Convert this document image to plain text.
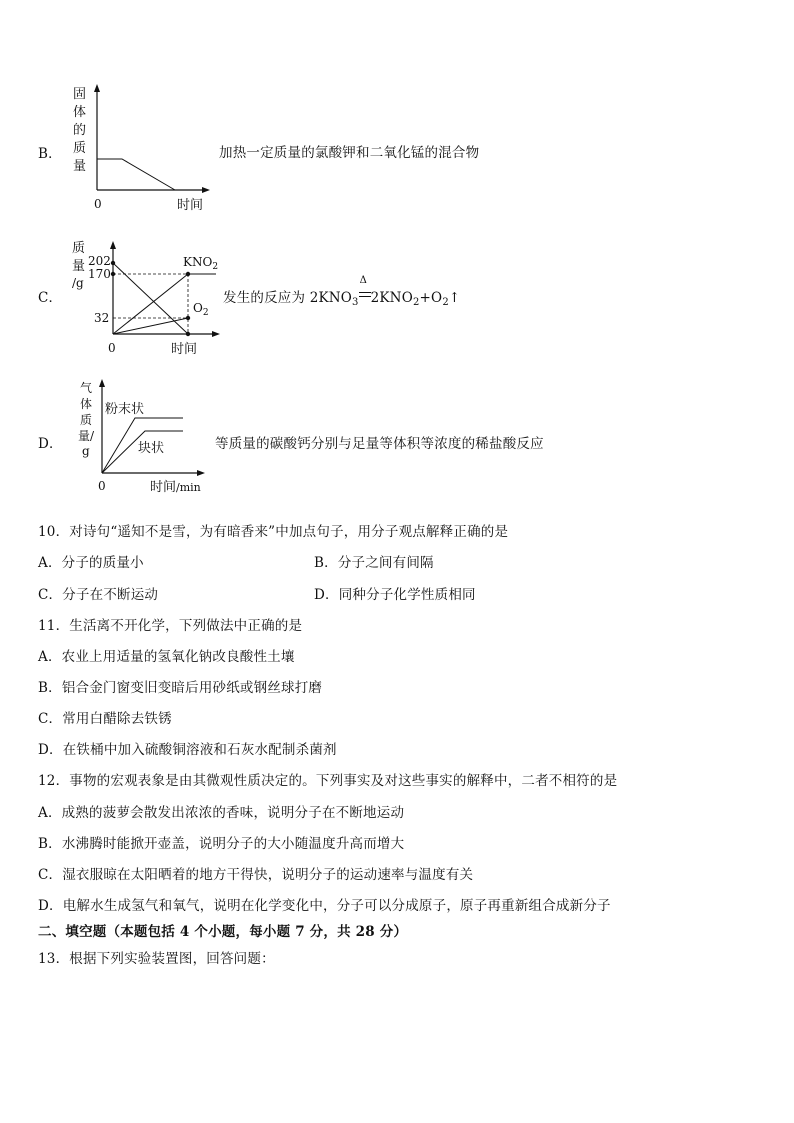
B．
固
体
的
质
量
0	时间
加热一定质量的氯酸钾和二氧化锰的混合物
C．
质
量
/g
202
170
32
$KNO_2$
$O_2$
0	时间
发生的反应为 $2KNO_3$
Δ
$2KNO_2+O_2↑$
D．
气
体
质
量/
g
粉末状
块状
0	时间/min
等质量的碳酸钙分别与足量等体积等浓度的稀盐酸反应
10．对诗句“遥知不是雪，为有暗香来”中加点句子，用分子观点解释正确的是
A．分子的质量小	B．分子之间有间隔
C．分子在不断运动	D．同种分子化学性质相同
11．生活离不开化学，下列做法中正确的是
A．农业上用适量的氢氧化钠改良酸性土壤
B．铝合金门窗变旧变暗后用砂纸或钢丝球打磨
C．常用白醋除去铁锈
D．在铁桶中加入硫酸铜溶液和石灰水配制杀菌剂
12．事物的宏观表象是由其微观性质决定的。下列事实及对这些事实的解释中，二者不相符的是
A．成熟的菠萝会散发出浓浓的香味，说明分子在不断地运动
B．水沸腾时能掀开壶盖，说明分子的大小随温度升高而增大
C．湿衣服晾在太阳晒着的地方干得快，说明分子的运动速率与温度有关
D．电解水生成氢气和氧气，说明在化学变化中，分子可以分成原子，原子再重新组合成新分子
二、填空题（本题包括 4 个小题，每小题 7 分，共 28 分）
13．根据下列实验装置图，回答问题：
